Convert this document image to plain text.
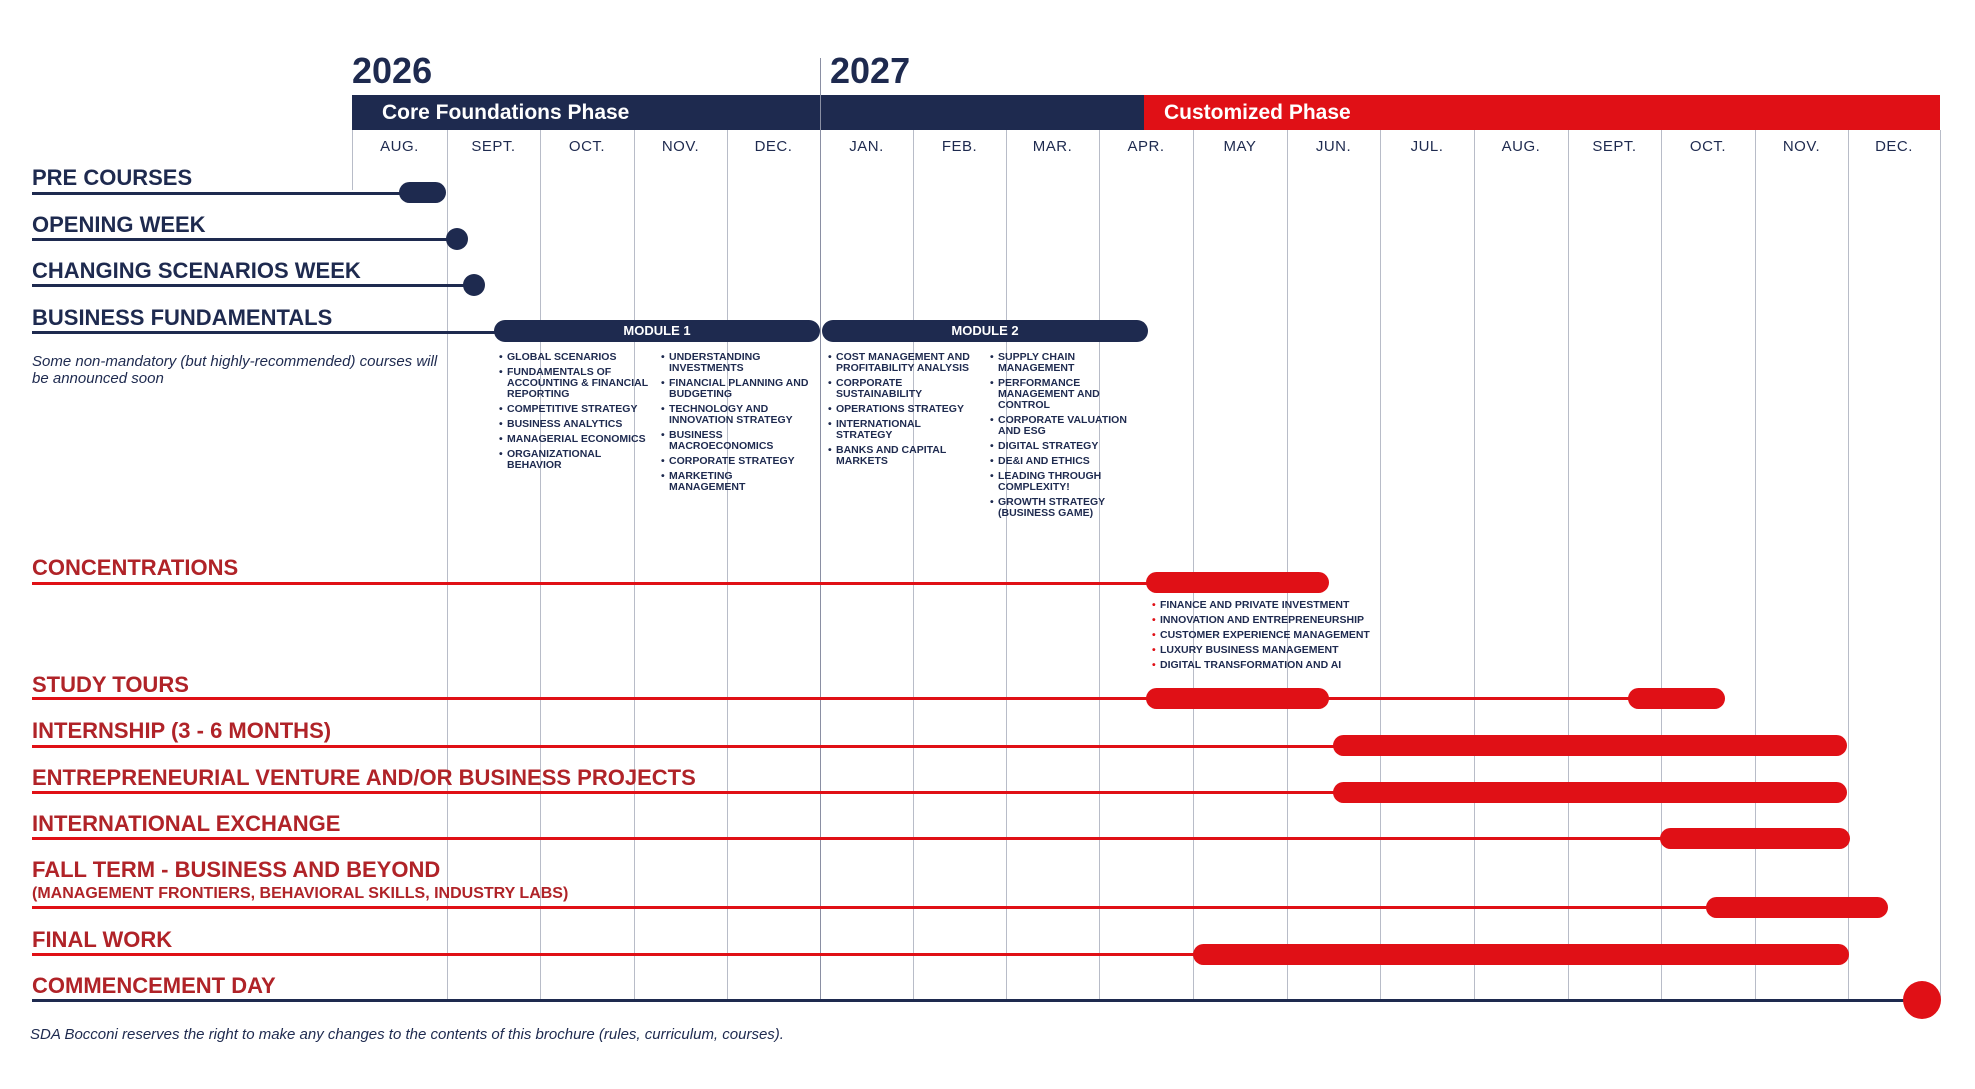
2026	2027
Core Foundations Phase	Customized Phase
AUG.	SEPT.	OCT.	NOV.	DEC.	JAN.	FEB.	MAR.	APR.	MAY	JUN.	JUL.	AUG.	SEPT.	OCT.	NOV.	DEC.
PRE COURSES
OPENING WEEK
CHANGING SCENARIOS WEEK
BUSINESS FUNDAMENTALS
MODULE 1	MODULE 2
Some non-mandatory (but highly-recommended) courses will be announced soon
• GLOBAL SCENARIOS
• FUNDAMENTALS OF ACCOUNTING & FINANCIAL REPORTING
• COMPETITIVE STRATEGY
• BUSINESS ANALYTICS
• MANAGERIAL ECONOMICS
• ORGANIZATIONAL BEHAVIOR
• UNDERSTANDING INVESTMENTS
• FINANCIAL PLANNING AND BUDGETING
• TECHNOLOGY AND INNOVATION STRATEGY
• BUSINESS MACROECONOMICS
• CORPORATE STRATEGY
• MARKETING MANAGEMENT
• COST MANAGEMENT AND PROFITABILITY ANALYSIS
• CORPORATE SUSTAINABILITY
• OPERATIONS STRATEGY
• INTERNATIONAL STRATEGY
• BANKS AND CAPITAL MARKETS
• SUPPLY CHAIN MANAGEMENT
• PERFORMANCE MANAGEMENT AND CONTROL
• CORPORATE VALUATION AND ESG
• DIGITAL STRATEGY
• DE&I AND ETHICS
• LEADING THROUGH COMPLEXITY!
• GROWTH STRATEGY (BUSINESS GAME)
CONCENTRATIONS
• FINANCE AND PRIVATE INVESTMENT
• INNOVATION AND ENTREPRENEURSHIP
• CUSTOMER EXPERIENCE MANAGEMENT
• LUXURY BUSINESS MANAGEMENT
• DIGITAL TRANSFORMATION AND AI
STUDY TOURS
INTERNSHIP (3 - 6 MONTHS)
ENTREPRENEURIAL VENTURE AND/OR BUSINESS PROJECTS
INTERNATIONAL EXCHANGE
FALL TERM - BUSINESS AND BEYOND
(MANAGEMENT FRONTIERS, BEHAVIORAL SKILLS, INDUSTRY LABS)
FINAL WORK
COMMENCEMENT DAY
SDA Bocconi reserves the right to make any changes to the contents of this brochure (rules, curriculum, courses).
